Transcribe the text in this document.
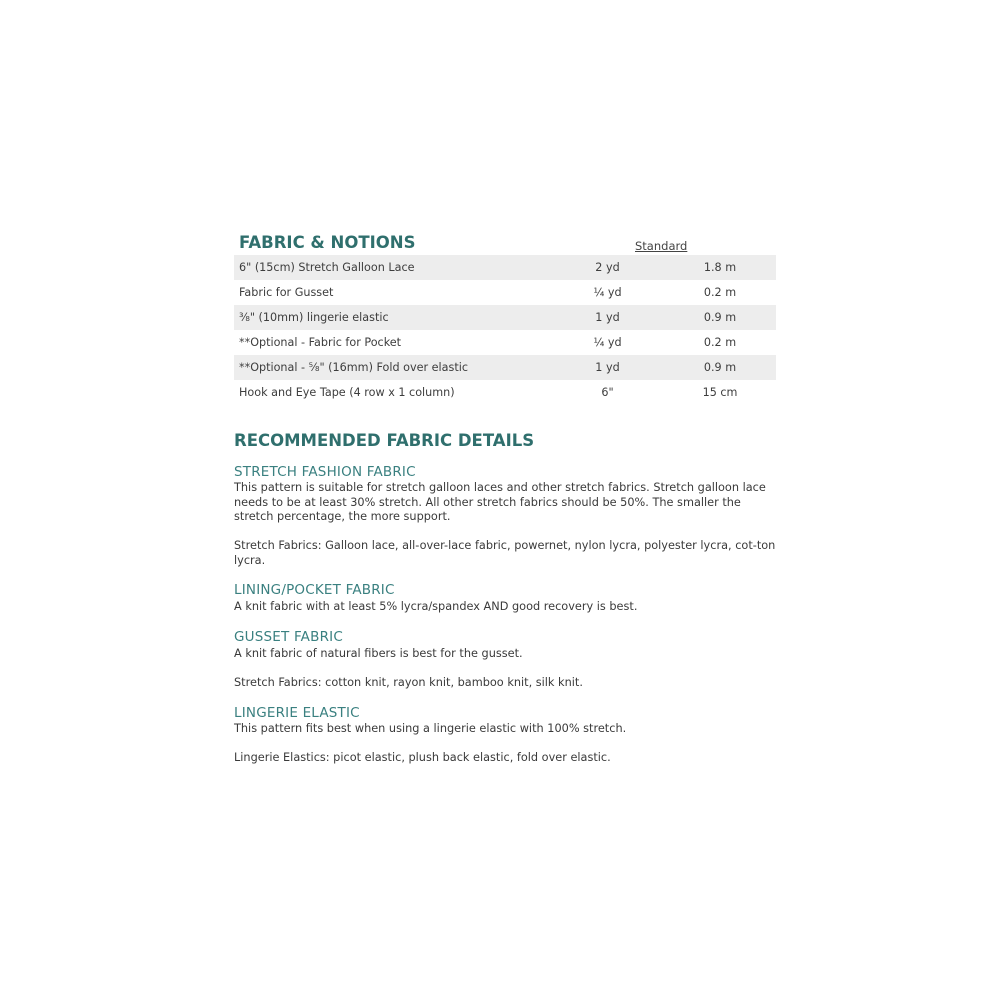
FABRIC & NOTIONS	Standard
6" (15cm) Stretch Galloon Lace	2 yd	1.8 m
Fabric for Gusset	¼ yd	0.2 m
⅜" (10mm) lingerie elastic	1 yd	0.9 m
**Optional - Fabric for Pocket	¼ yd	0.2 m
**Optional - ⅝" (16mm) Fold over elastic	1 yd	0.9 m
Hook and Eye Tape (4 row x 1 column)	6"	15 cm
RECOMMENDED FABRIC DETAILS
STRETCH FASHION FABRIC

This pattern is suitable for stretch galloon laces and other stretch fabrics. Stretch galloon lace needs to be at least 30% stretch. All other stretch fabrics should be 50%. The smaller the stretch percentage, the more support.

Stretch Fabrics: Galloon lace, all-over-lace fabric, powernet, nylon lycra, polyester lycra, cot-ton lycra.

LINING/POCKET FABRIC

A knit fabric with at least 5% lycra/spandex AND good recovery is best.

GUSSET FABRIC

A knit fabric of natural fibers is best for the gusset.

Stretch Fabrics: cotton knit, rayon knit, bamboo knit, silk knit.

LINGERIE ELASTIC

This pattern fits best when using a lingerie elastic with 100% stretch.

Lingerie Elastics: picot elastic, plush back elastic, fold over elastic.
